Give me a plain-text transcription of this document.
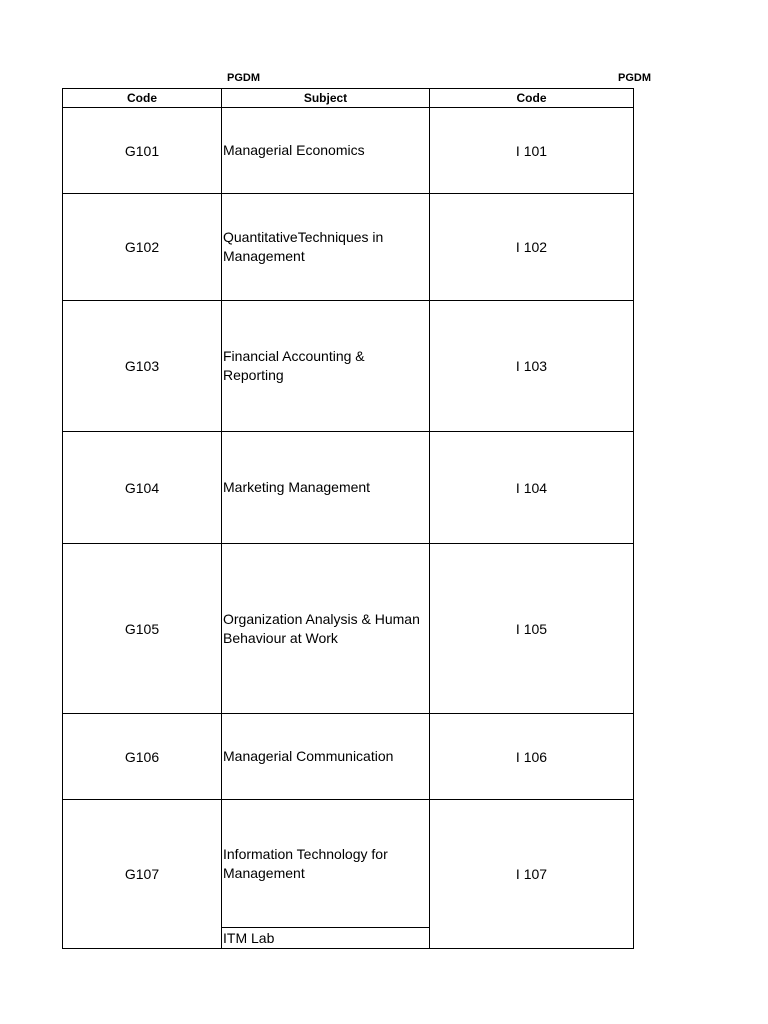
PGDM	PGDM
Code	Subject	Code
G101	Managerial Economics	I 101
G102	QuantitativeTechniques in Management	I 102
G103	Financial Accounting & Reporting	I 103
G104	Marketing Management	I 104
G105	Organization Analysis & Human Behaviour at Work	I 105
G106	Managerial Communication	I 106
G107	Information Technology for Management	I 107
	ITM Lab	
